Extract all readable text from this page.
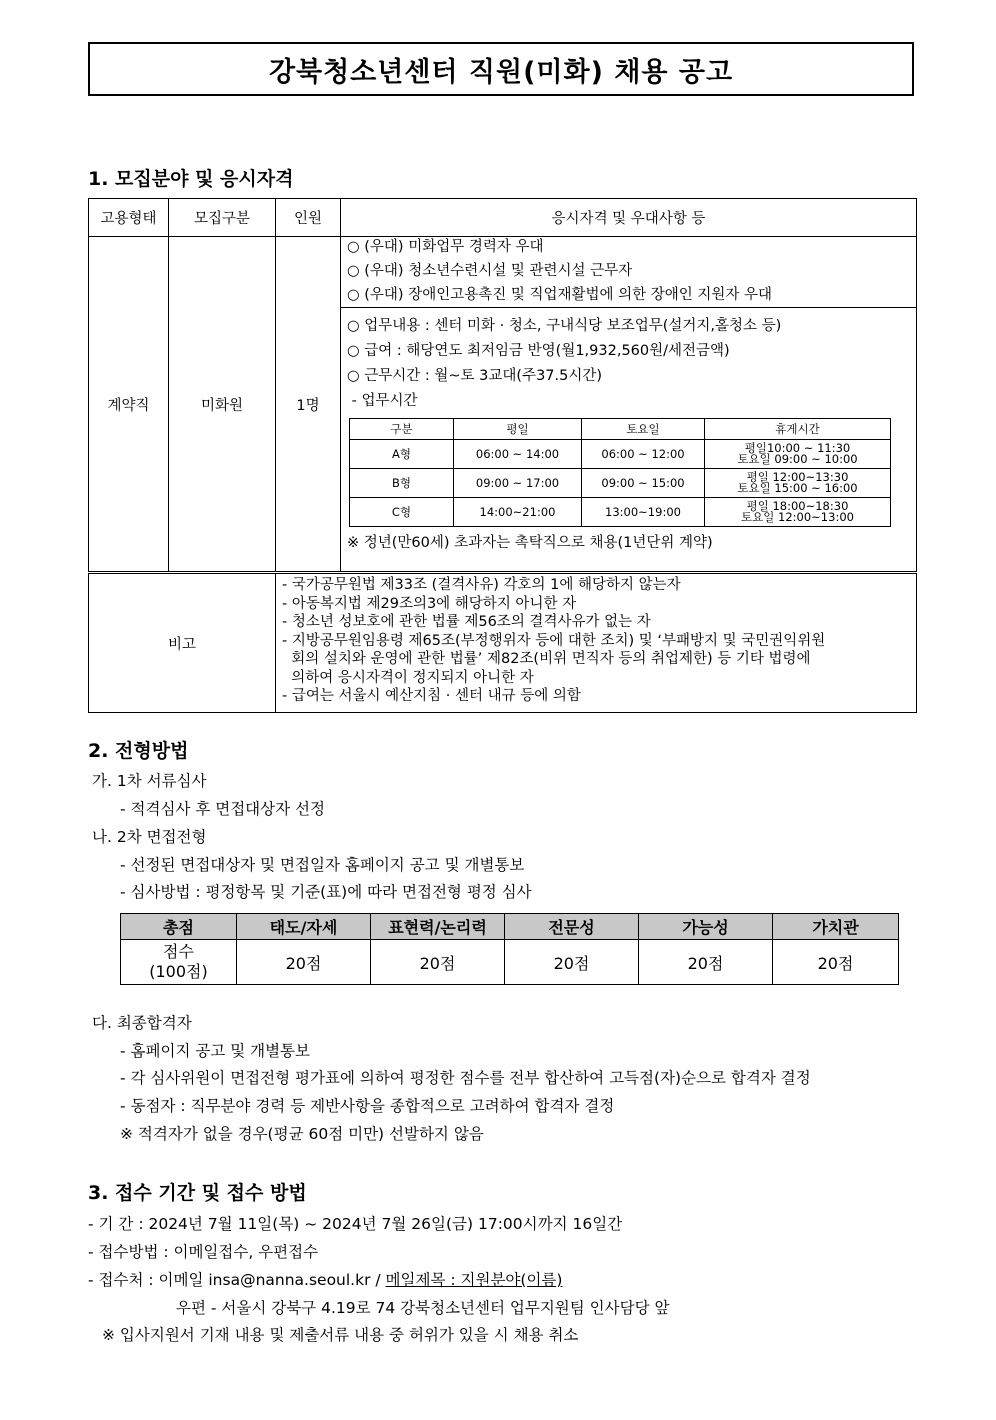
강북청소년센터 직원(미화) 채용 공고
1. 모집분야 및 응시자격
고용형태	모집구분	인원	응시자격 및 우대사항 등
계약직	미화원	1명	
○ (우대) 미화업무 경력자 우대
○ (우대) 청소년수련시설 및 관련시설 근무자
○ (우대) 장애인고용촉진 및 직업재활법에 의한 장애인 지원자 우대

○ 업무내용 : 센터 미화 · 청소, 구내식당 보조업무(설거지,홀청소 등)
○ 급여 : 해당연도 최저임금 반영(월1,932,560원/세전금액)
○ 근무시간 : 월~토 3교대(주37.5시간)
- 업무시간
구분	평일	토요일	휴게시간
A형	06:00 ~ 14:00	06:00 ~ 12:00	평일10:00 ~ 11:30
토요일 09:00 ~ 10:00

B형	09:00 ~ 17:00	09:00 ~ 15:00	평일 12:00~13:30
토요일 15:00 ~ 16:00

C형	14:00~21:00	13:00~19:00	평일 18:00~18:30
토요일 12:00~13:00
※ 정년(만60세) 초과자는 촉탁직으로 채용(1년단위 계약)

비고	
- 국가공무원법 제33조 (결격사유) 각호의 1에 해당하지 않는자
- 아동복지법 제29조의3에 해당하지 아니한 자
- 청소년 성보호에 관한 법률 제56조의 결격사유가 없는 자
- 지방공무원임용령 제65조(부정행위자 등에 대한 조치) 및 ‘부패방지 및 국민권익위원
회의 설치와 운영에 관한 법률’ 제82조(비위 면직자 등의 취업제한) 등 기타 법령에
의하여 응시자격이 정지되지 아니한 자
- 급여는 서울시 예산지침 · 센터 내규 등에 의함
2. 전형방법
가. 1차 서류심사
- 적격심사 후 면접대상자 선정
나. 2차 면접전형
- 선정된 면접대상자 및 면접일자 홈페이지 공고 및 개별통보
- 심사방법 : 평정항목 및 기준(표)에 따라 면접전형 평정 심사
총점	태도/자세	표현력/논리력	전문성	가능성	가치관

점수
(100점)	20점	20점	20점	20점	20점
다. 최종합격자
- 홈페이지 공고 및 개별통보
- 각 심사위원이 면접전형 평가표에 의하여 평정한 점수를 전부 합산하여 고득점(자)순으로 합격자 결정
- 동점자 : 직무분야 경력 등 제반사항을 종합적으로 고려하여 합격자 결정
※ 적격자가 없을 경우(평균 60점 미만) 선발하지 않음
3. 접수 기간 및 접수 방법
- 기 간 : 2024년 7월 11일(목) ~ 2024년 7월 26일(금) 17:00시까지 16일간
- 접수방법 : 이메일접수, 우편접수
- 접수처 : 이메일 insa@nanna.seoul.kr / 메일제목 : 지원분야(이름)
우편 - 서울시 강북구 4.19로 74 강북청소년센터 업무지원팀 인사담당 앞
※ 입사지원서 기재 내용 및 제출서류 내용 중 허위가 있을 시 채용 취소
